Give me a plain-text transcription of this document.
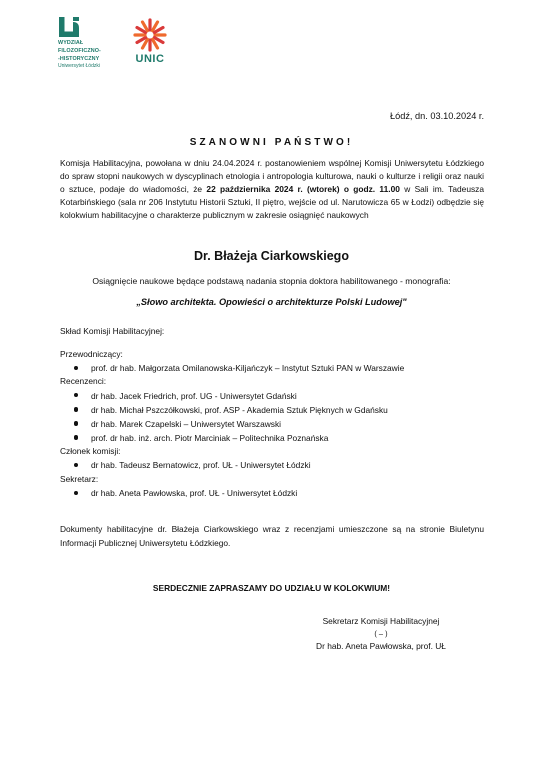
WYDZIAŁ
FILOZOFICZNO-
-HISTORYCZNY
Uniwersytet Łódzki
UNIC
Łódź, dn. 03.10.2024 r.
SZANOWNI PAŃSTWO!
Komisja Habilitacyjna, powołana w dniu 24.04.2024 r. postanowieniem wspólnej Komisji Uniwersytetu Łódzkiego do spraw stopni naukowych w dyscyplinach etnologia i antropologia kulturowa, nauki o kulturze i religii oraz nauki o sztuce, podaje do wiadomości, że 22 października 2024 r. (wtorek) o godz. 11.00 w Sali im. Tadeusza Kotarbińskiego (sala nr 206 Instytutu Historii Sztuki, II piętro, wejście od ul. Narutowicza 65 w Łodzi) odbędzie się kolokwium habilitacyjne o charakterze publicznym w zakresie osiągnięć naukowych
Dr. Błażeja Ciarkowskiego
Osiągnięcie naukowe będące podstawą nadania stopnia doktora habilitowanego - monografia:
„Słowo architekta. Opowieści o architekturze Polski Ludowej"
Skład Komisji Habilitacyjnej:
Przewodniczący:
prof. dr hab. Małgorzata Omilanowska-Kiljańczyk – Instytut Sztuki PAN w Warszawie
Recenzenci:
dr hab. Jacek Friedrich, prof. UG - Uniwersytet Gdański
dr hab. Michał Pszczółkowski, prof. ASP - Akademia Sztuk Pięknych w Gdańsku
dr hab. Marek Czapelski – Uniwersytet Warszawski
prof. dr hab. inż. arch. Piotr Marciniak – Politechnika Poznańska
Członek komisji:
dr hab. Tadeusz Bernatowicz, prof. UŁ - Uniwersytet Łódzki
Sekretarz:
dr hab. Aneta Pawłowska, prof. UŁ - Uniwersytet Łódzki
Dokumenty habilitacyjne dr. Błażeja Ciarkowskiego wraz z recenzjami umieszczone są na stronie Biuletynu Informacji Publicznej Uniwersytetu Łódzkiego.
SERDECZNIE ZAPRASZAMY DO UDZIAŁU W KOLOKWIUM!
Sekretarz Komisji Habilitacyjnej
( – )
Dr hab. Aneta Pawłowska, prof. UŁ
